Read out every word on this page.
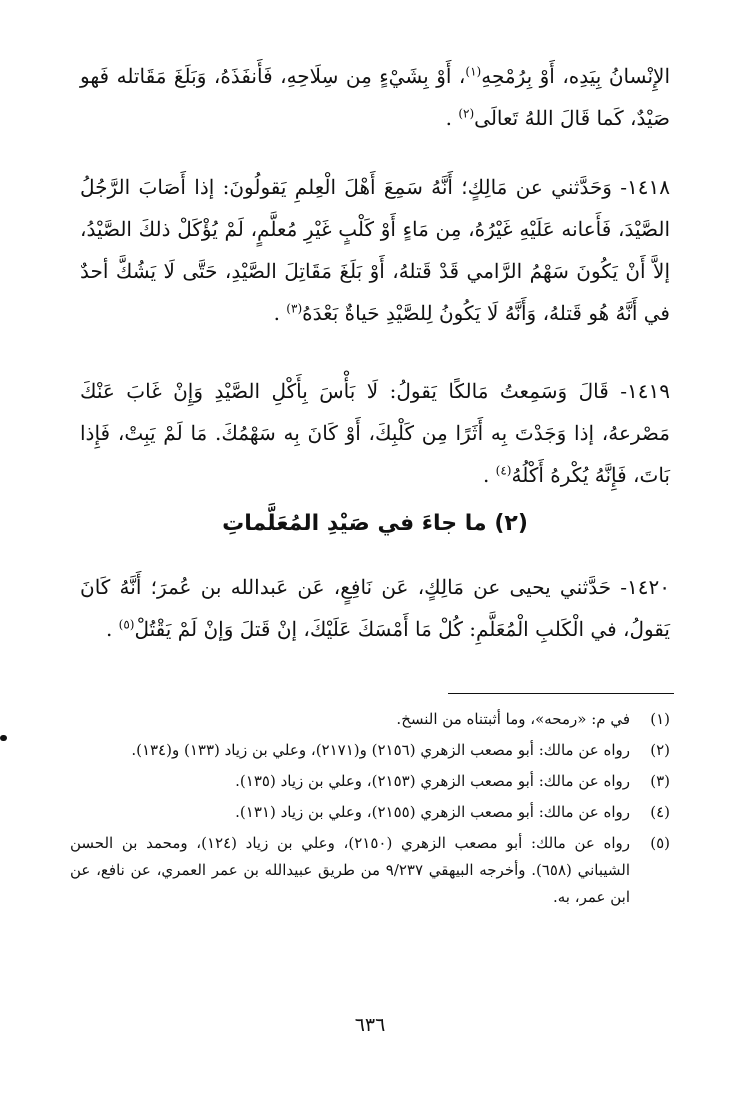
الإِنْسانُ بِيَدِه، أَوْ بِرُمْحِهِ$^{(١)}$، أَوْ بِشَيْءٍ مِن سِلَاحِهِ، فَأَنفَذَهُ، وَبَلَغَ مَقَاتله فَهو صَيْدٌ، كَما قَالَ اللهُ تَعالَى$^{(٢)}$ .

١٤١٨- وَحَدَّثني عن مَالِكٍ؛ أَنَّهُ سَمِعَ أَهْلَ الْعِلمِ يَقولُونَ: إذا أَصَابَ الرَّجُلُ الصَّيْدَ، فَأَعانه عَلَيْهِ غَيْرُهُ، مِن مَاءٍ أَوْ كَلْبٍ غَيْرِ مُعلَّمٍ، لَمْ يُؤْكَلْ ذلكَ الصَّيْدُ، إلاَّ أَنْ يَكُونَ سَهْمُ الرَّامي قَدْ قَتلهُ، أَوْ بَلَغَ مَقَاتِلَ الصَّيْدِ، حَتَّى لَا يَشُكَّ أحدٌ في أَنَّهُ هُو قَتلهُ، وَأَنَّهُ لَا يَكُونُ لِلصَّيْدِ حَياةٌ بَعْدَهُ$^{(٣)}$ .

١٤١٩- قَالَ وَسَمِعتُ مَالكًا يَقولُ: لَا بَأْسَ بِأَكْلِ الصَّيْدِ وَإِنْ غَابَ عَنْكَ مَصْرعهُ، إذا وَجَدْتَ بِه أَثَرًا مِن كَلْبِكَ، أَوْ كَانَ بِه سَهْمُكَ. مَا لَمْ يَبِتْ، فَإِذا بَاتَ، فَإِنَّهُ يُكْرهُ أَكْلُهُ$^{(٤)}$ .

(٢) ما جاءَ في صَيْدِ المُعَلَّماتِ

١٤٢٠- حَدَّثني يحيى عن مَالِكٍ، عَن نَافِعٍ، عَن عَبدالله بن عُمرَ؛ أَنَّهُ كَانَ يَقولُ، في الْكَلبِ الْمُعَلَّمِ: كُلْ مَا أَمْسَكَ عَلَيْكَ، إنْ قَتلَ وَإنْ لَمْ يَقْتُلْ$^{(٥)}$ .

(١)
في م: «رمحه»، وما أثبتناه من النسخ.
(٢)
رواه عن مالك: أبو مصعب الزهري (٢١٥٦) و(٢١٧١)، وعلي بن زياد (١٣٣) و(١٣٤).
(٣)
رواه عن مالك: أبو مصعب الزهري (٢١٥٣)، وعلي بن زياد (١٣٥).
(٤)
رواه عن مالك: أبو مصعب الزهري (٢١٥٥)، وعلي بن زياد (١٣١).
(٥)
رواه عن مالك: أبو مصعب الزهري (٢١٥٠)، وعلي بن زياد (١٢٤)، ومحمد بن الحسن الشيباني (٦٥٨). وأخرجه البيهقي ٩/٢٣٧ من طريق عبيدالله بن عمر العمري، عن نافع، عن ابن عمر، به.
٦٣٦
